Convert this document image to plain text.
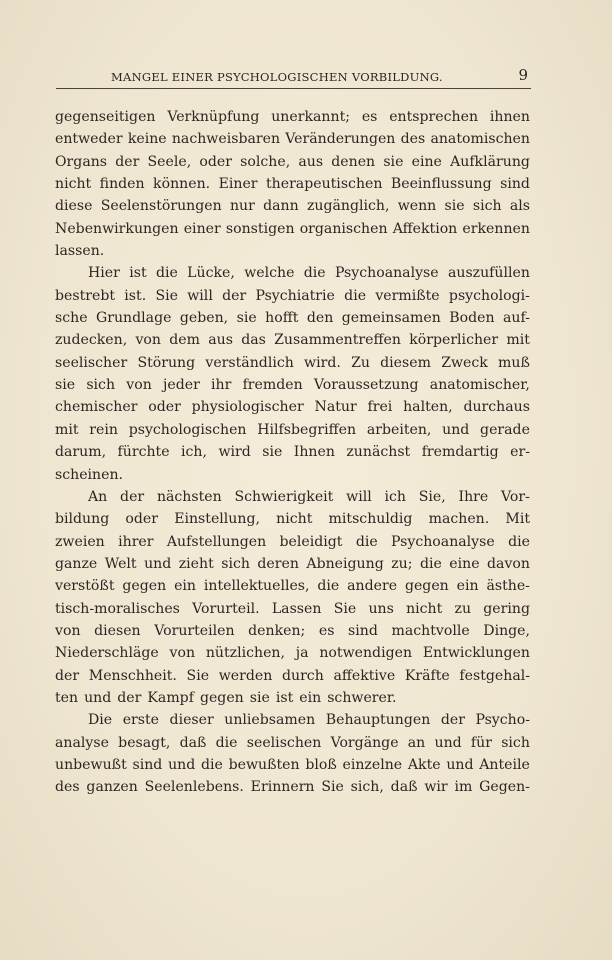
MANGEL EINER PSYCHOLOGISCHEN VORBILDUNG.	9
gegenseitigen Verknüpfung unerkannt; es entsprechen ihnen
entweder keine nachweisbaren Veränderungen des anatomischen
Organs der Seele, oder solche, aus denen sie eine Aufklärung
nicht finden können. Einer therapeutischen Beeinflussung sind
diese Seelenstörungen nur dann zugänglich, wenn sie sich als
Nebenwirkungen einer sonstigen organischen Affektion erkennen
lassen.
Hier ist die Lücke, welche die Psychoanalyse auszufüllen
bestrebt ist. Sie will der Psychiatrie die vermißte psychologi-
sche Grundlage geben, sie hofft den gemeinsamen Boden auf-
zudecken, von dem aus das Zusammentreffen körperlicher mit
seelischer Störung verständlich wird. Zu diesem Zweck muß
sie sich von jeder ihr fremden Voraussetzung anatomischer,
chemischer oder physiologischer Natur frei halten, durchaus
mit rein psychologischen Hilfsbegriffen arbeiten, und gerade
darum, fürchte ich, wird sie Ihnen zunächst fremdartig er-
scheinen.
An der nächsten Schwierigkeit will ich Sie, Ihre Vor-
bildung oder Einstellung, nicht mitschuldig machen. Mit
zweien ihrer Aufstellungen beleidigt die Psychoanalyse die
ganze Welt und zieht sich deren Abneigung zu; die eine davon
verstößt gegen ein intellektuelles, die andere gegen ein ästhe-
tisch-moralisches Vorurteil. Lassen Sie uns nicht zu gering
von diesen Vorurteilen denken; es sind machtvolle Dinge,
Niederschläge von nützlichen, ja notwendigen Entwicklungen
der Menschheit. Sie werden durch affektive Kräfte festgehal-
ten und der Kampf gegen sie ist ein schwerer.
Die erste dieser unliebsamen Behauptungen der Psycho-
analyse besagt, daß die seelischen Vorgänge an und für sich
unbewußt sind und die bewußten bloß einzelne Akte und Anteile
des ganzen Seelenlebens. Erinnern Sie sich, daß wir im Gegen-
